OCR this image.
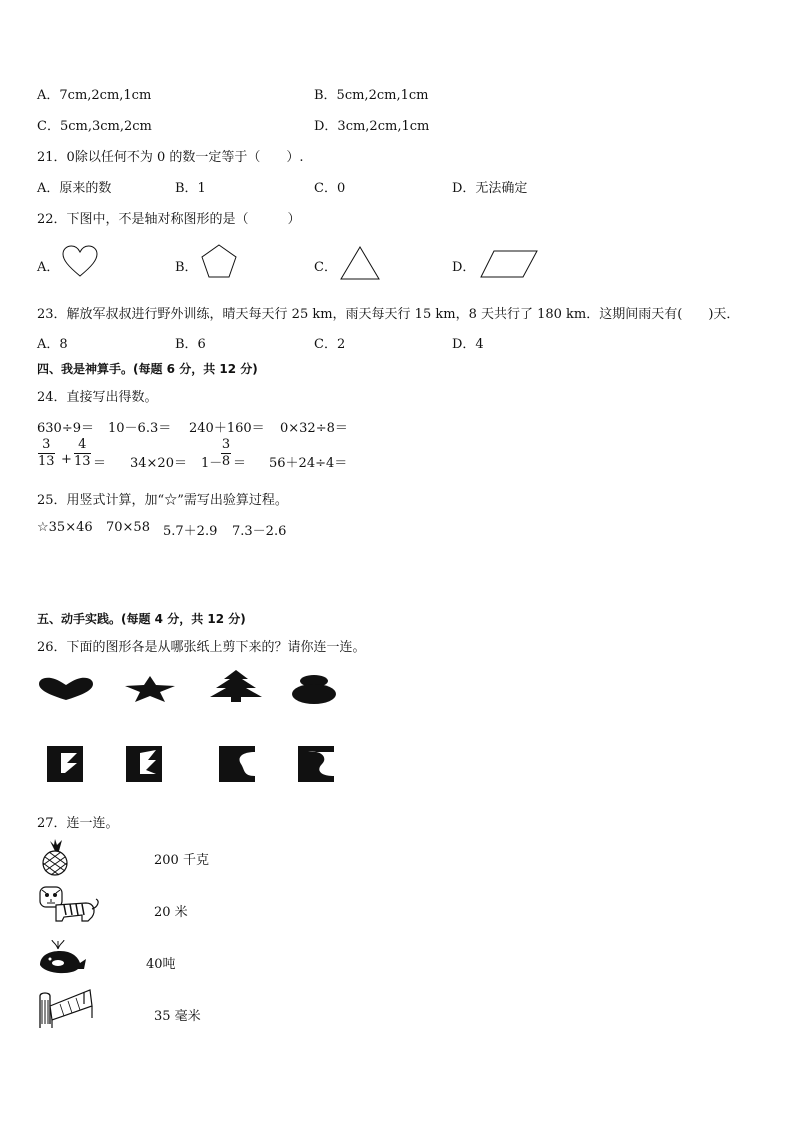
A．7cm,2cm,1cm	B．5cm,2cm,1cm
C．5cm,3cm,2cm	D．3cm,2cm,1cm
21．0除以任何不为 0 的数一定等于（　　）.
A．原来的数	B．1	C．0	D．无法确定
22．下图中，不是轴对称图形的是（　　　）
A．	B．	C．	D．
23．解放军叔叔进行野外训练，晴天每天行 25 km，雨天每天行 15 km，8 天共行了 180 km．这期间雨天有(　　)天．
A．8	B．6	C．2	D．4
四、我是神算手。(每题 6 分，共 12 分)
24．直接写出得数。
630÷9＝ 10－6.3＝ 240＋160＝ 0×32÷8＝
3
13 +
4
13 ＝ 34×20＝ 1－
3
8 ＝ 56＋24÷4＝
25．用竖式计算，加“☆”需写出验算过程。
☆35×46 70×58 5.7＋2.9 7.3－2.6
五、动手实践。(每题 4 分，共 12 分)
26．下面的图形各是从哪张纸上剪下来的？请你连一连。
27．连一连。
200 千克
20 米
40吨
35 毫米
